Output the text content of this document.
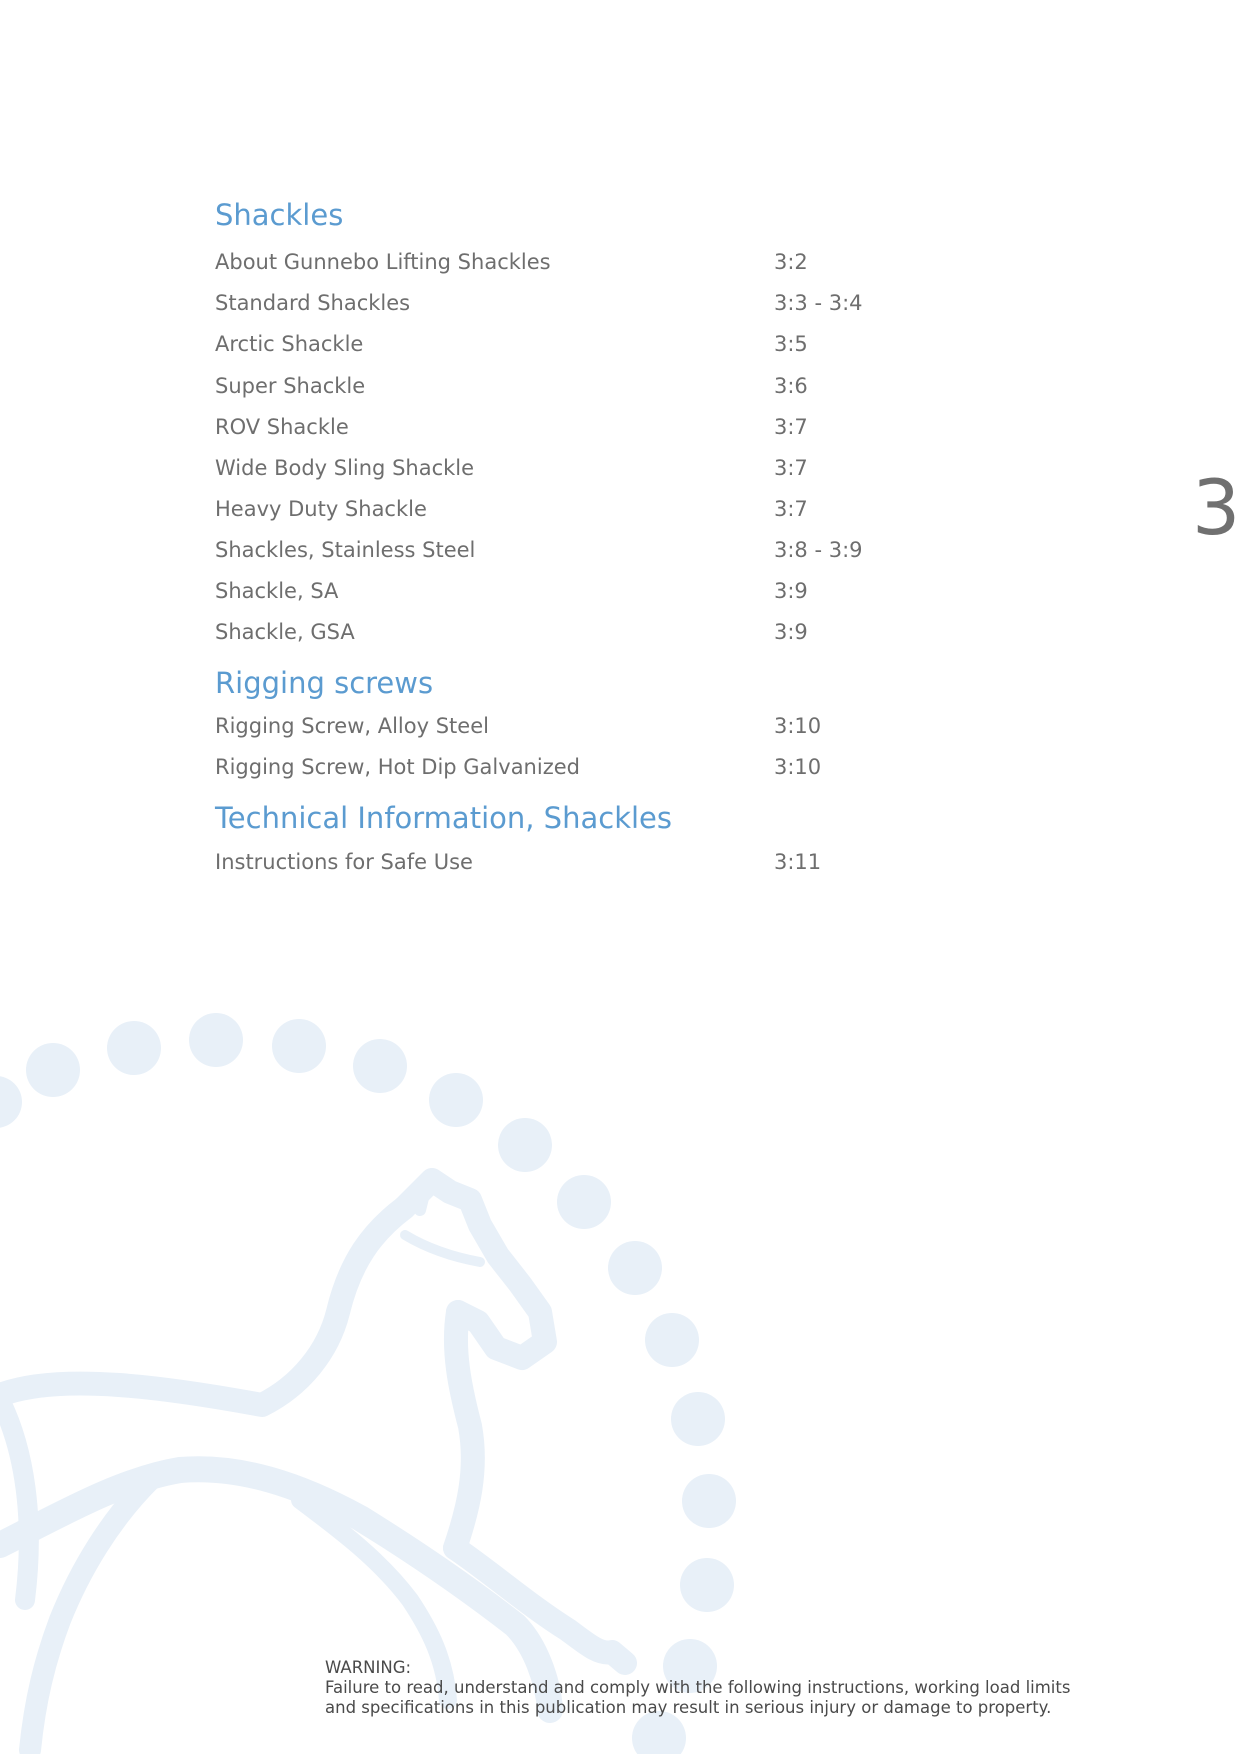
Shackles
About Gunnebo Lifting Shackles	3:2
Standard Shackles	3:3 - 3:4
Arctic Shackle	3:5
Super Shackle	3:6
ROV Shackle	3:7
Wide Body Sling Shackle	3:7
Heavy Duty Shackle	3:7
Shackles, Stainless Steel	3:8 - 3:9
Shackle, SA	3:9
Shackle, GSA	3:9
Rigging screws
Rigging Screw, Alloy Steel	3:10
Rigging Screw, Hot Dip Galvanized	3:10
Technical Information, Shackles
Instructions for Safe Use	3:11
3
WARNING:
Failure to read, understand and comply with the following instructions, working load limits
and specifications in this publication may result in serious injury or damage to property.
